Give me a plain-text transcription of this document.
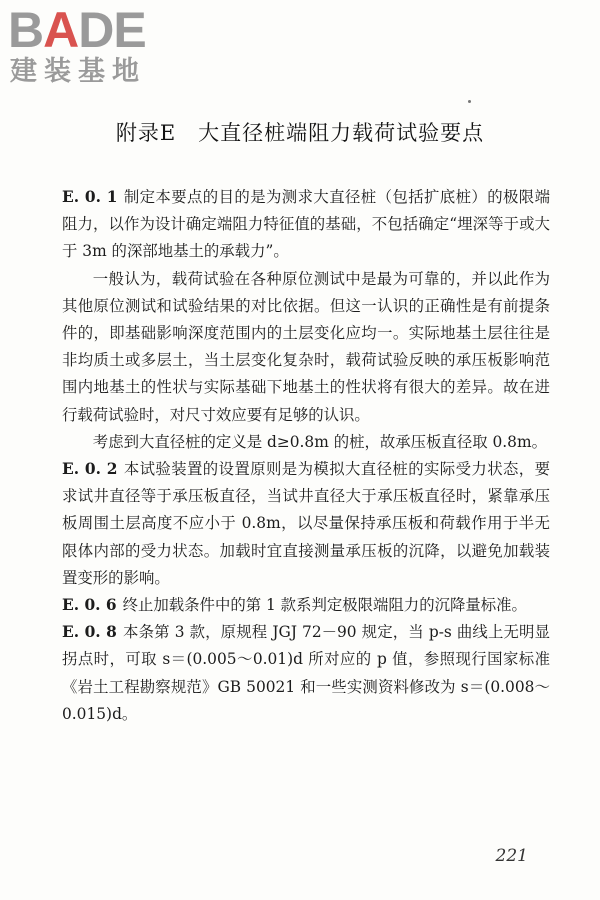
BADE
建装基地
附录E　大直径桩端阻力载荷试验要点

E. 0. 1 制定本要点的目的是为测求大直径桩（包括扩底桩）的极限端阻力，以作为设计确定端阻力特征值的基础，不包括确定“埋深等于或大于 3m 的深部地基土的承载力”。

一般认为，载荷试验在各种原位测试中是最为可靠的，并以此作为其他原位测试和试验结果的对比依据。但这一认识的正确性是有前提条件的，即基础影响深度范围内的土层变化应均一。实际地基土层往往是非均质土或多层土，当土层变化复杂时，载荷试验反映的承压板影响范围内地基土的性状与实际基础下地基土的性状将有很大的差异。故在进行载荷试验时，对尺寸效应要有足够的认识。

考虑到大直径桩的定义是 d≥0.8m 的桩，故承压板直径取 0.8m。

E. 0. 2 本试验装置的设置原则是为模拟大直径桩的实际受力状态，要求试井直径等于承压板直径，当试井直径大于承压板直径时，紧靠承压板周围土层高度不应小于 0.8m，以尽量保持承压板和荷载作用于半无限体内部的受力状态。加载时宜直接测量承压板的沉降，以避免加载装置变形的影响。

E. 0. 6 终止加载条件中的第 1 款系判定极限端阻力的沉降量标准。

E. 0. 8 本条第 3 款，原规程 JGJ 72－90 规定，当 p-s 曲线上无明显拐点时，可取 s＝(0.005～0.01)d 所对应的 p 值，参照现行国家标准《岩土工程勘察规范》GB 50021 和一些实测资料修改为 s＝(0.008～0.015)d。

221
